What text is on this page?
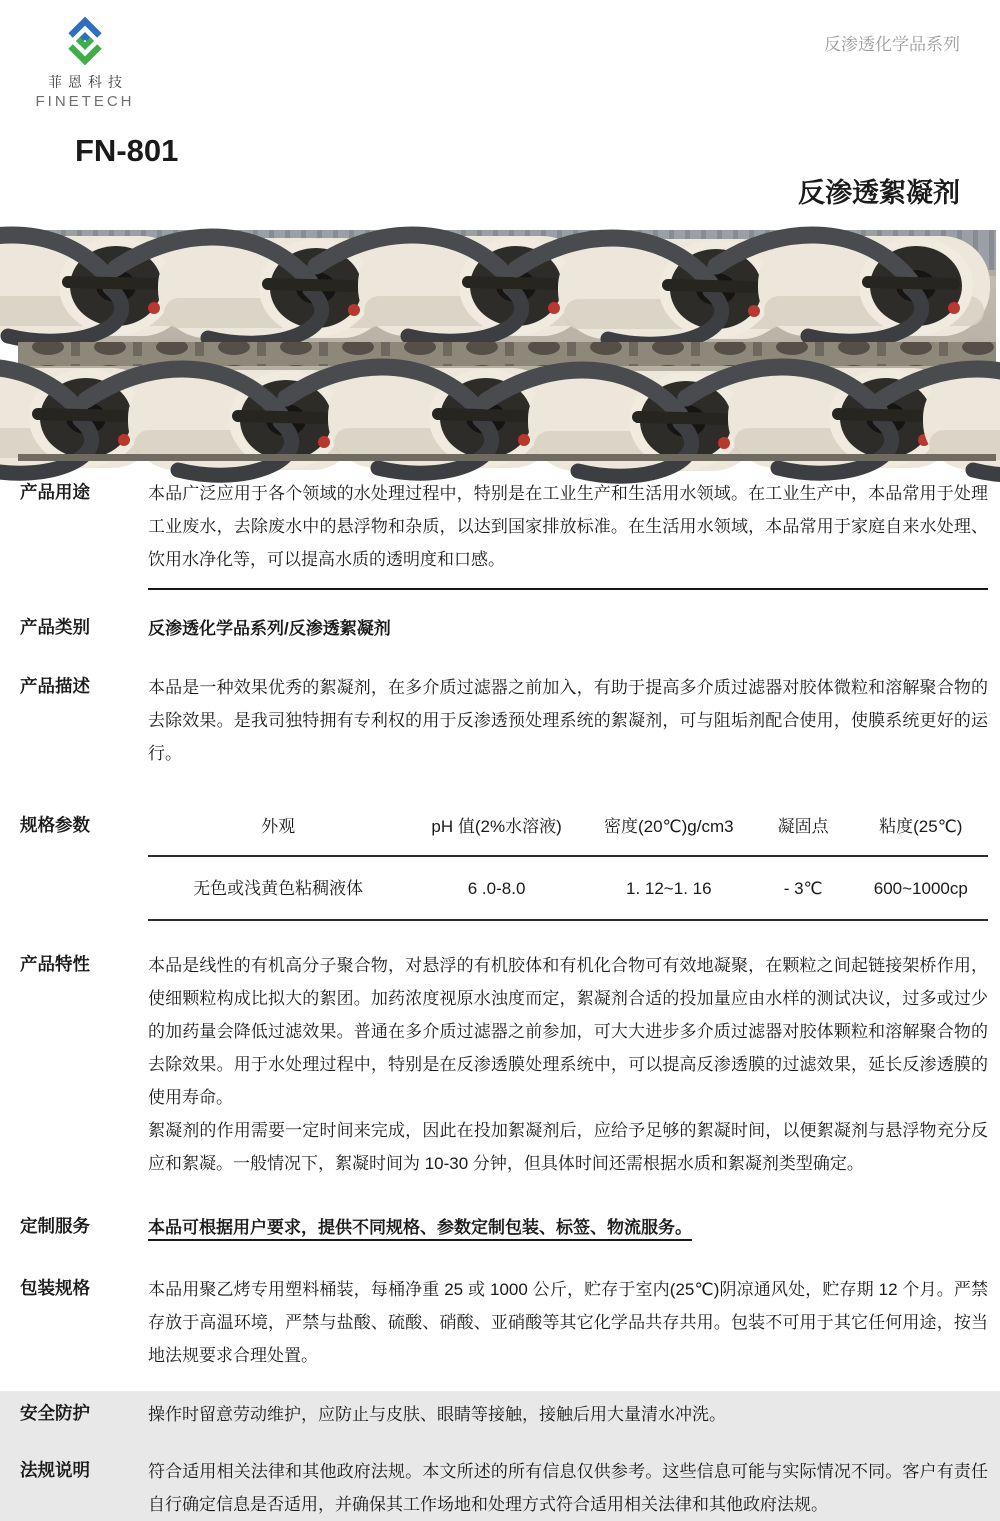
菲恩科技
FINETECH
反渗透化学品系列
FN-801
反渗透絮凝剂
产品用途	本品广泛应用于各个领域的水处理过程中，特别是在工业生产和生活用水领域。在工业生产中，本品常用于处理工业废水，去除废水中的悬浮物和杂质，以达到国家排放标准。在生活用水领域，本品常用于家庭自来水处理、饮用水净化等，可以提高水质的透明度和口感。

产品类别	反渗透化学品系列/反渗透絮凝剂

产品描述	本品是一种效果优秀的絮凝剂，在多介质过滤器之前加入，有助于提高多介质过滤器对胶体微粒和溶解聚合物的去除效果。是我司独特拥有专利权的用于反渗透预处理系统的絮凝剂，可与阻垢剂配合使用，使膜系统更好的运行。

规格参数	外观	pH 值(2%水溶液)	密度(20℃)g/cm3	凝固点	粘度(25℃)
无色或浅黄色粘稠液体	6 .0-8.0	1. 12~1. 16	- 3℃	600~1000cp
产品特性	本品是线性的有机高分子聚合物，对悬浮的有机胶体和有机化合物可有效地凝聚，在颗粒之间起链接架桥作用，使细颗粒构成比拟大的絮团。加药浓度视原水浊度而定，絮凝剂合适的投加量应由水样的测试决议，过多或过少的加药量会降低过滤效果。普通在多介质过滤器之前参加，可大大进步多介质过滤器对胶体颗粒和溶解聚合物的去除效果。用于水处理过程中，特别是在反渗透膜处理系统中，可以提高反渗透膜的过滤效果，延长反渗透膜的使用寿命。

絮凝剂的作用需要一定时间来完成，因此在投加絮凝剂后，应给予足够的絮凝时间，以便絮凝剂与悬浮物充分反应和絮凝。一般情况下，絮凝时间为 10-30 分钟，但具体时间还需根据水质和絮凝剂类型确定。

定制服务	本品可根据用户要求，提供不同规格、参数定制包装、标签、物流服务。

包装规格	本品用聚乙烤专用塑料桶装，每桶净重 25 或 1000 公斤，贮存于室内(25℃)阴凉通风处，贮存期 12 个月。严禁存放于高温环境，严禁与盐酸、硫酸、硝酸、亚硝酸等其它化学品共存共用。包装不可用于其它任何用途，按当地法规要求合理处置。

安全防护	操作时留意劳动维护，应防止与皮肤、眼睛等接触，接触后用大量清水冲洗。

法规说明	符合适用相关法律和其他政府法规。本文所述的所有信息仅供参考。这些信息可能与实际情况不同。客户有责任自行确定信息是否适用，并确保其工作场地和处理方式符合适用相关法律和其他政府法规。
